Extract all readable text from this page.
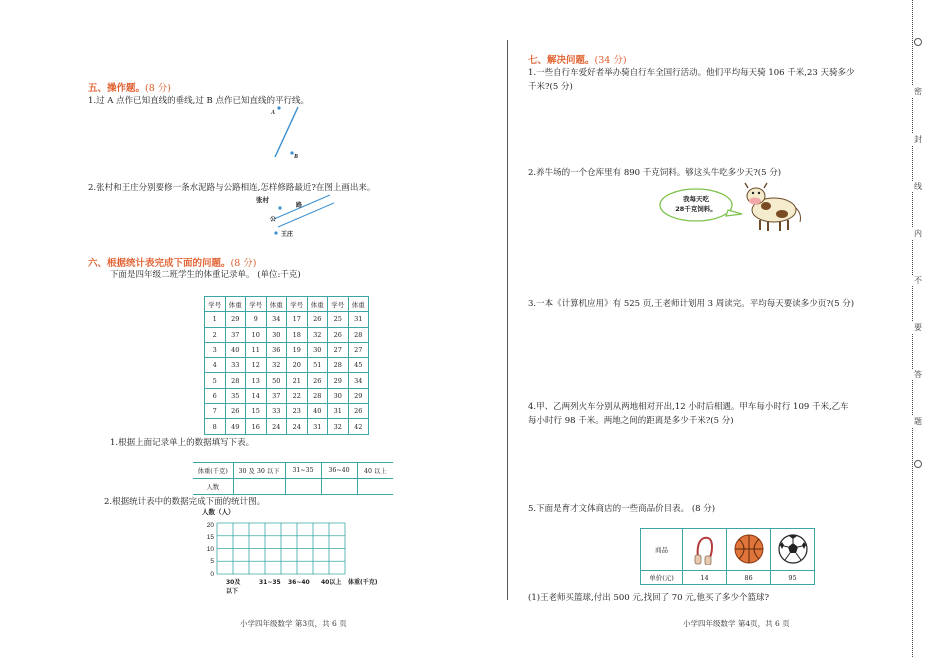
五、操作题。(8 分)
1.过 A 点作已知直线的垂线,过 B 点作已知直线的平行线。
A
B
2.张村和王庄分别要修一条水泥路与公路相连,怎样修路最近?在图上画出来。
张村
公
路
王庄
六、根据统计表完成下面的问题。(8 分)
下面是四年级二班学生的体重记录单。 (单位:千克)
学号	体重	学号	体重	学号	体重	学号	体重
1	29	9	34	17	26	25	31
2	37	10	30	18	32	26	28
3	40	11	36	19	30	27	27
4	33	12	32	20	51	28	45
5	28	13	50	21	26	29	34
6	35	14	37	22	28	30	29
7	26	15	33	23	40	31	26
8	49	16	24	24	31	32	42
1.根据上面记录单上的数据填写下表。
体重(千克)	30 及 30 以下	31~35	36~40	40 以上
人数				
2.根据统计表中的数据完成下面的统计图。
人数（人）
20
15
10
5
0
30及
以下
31~35 36~40 40以上 体重(千克)
小学四年级数学 第3页，共 6 页
七、解决问题。(34 分)
1.一些自行车爱好者举办骑自行车全国行活动。他们平均每天骑 106 千米,23 天骑多少
千米?(5 分)
2.养牛场的一个仓库里有 890 千克饲料。够这头牛吃多少天?(5 分)
我每天吃
28千克饲料。
3.一本《计算机应用》有 525 页,王老师计划用 3 周读完。平均每天要读多少页?(5 分)
4.甲、乙两列火车分别从两地相对开出,12 小时后相遇。甲车每小时行 109 千米,乙车
每小时行 98 千米。两地之间的距离是多少千米?(5 分)
5.下面是育才文体商店的一些商品价目表。 (8 分)
商品			
单价(元)	14	86	95
(1)王老师买篮球,付出 500 元,找回了 70 元,他买了多少个篮球?
小学四年级数学 第4页，共 6 页
密
封
线
内
不
要
答
题
